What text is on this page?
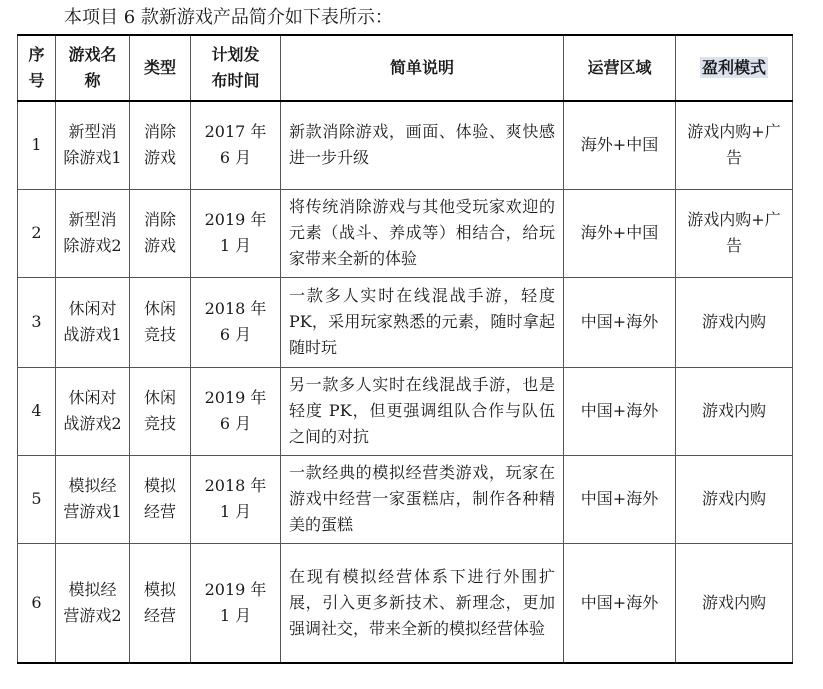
本项目 6 款新游戏产品简介如下表所示：
序号	游戏名称	类型	计划发布时间	简单说明	运营区域	盈利模式
1	新型消除游戏1	消除游戏	2017 年 6 月	新款消除游戏，画面、体验、爽快感进一步升级	海外+中国	游戏内购+广告
2	新型消除游戏2	消除游戏	2019 年 1 月	将传统消除游戏与其他受玩家欢迎的元素（战斗、养成等）相结合，给玩家带来全新的体验	海外+中国	游戏内购+广告
3	休闲对战游戏1	休闲竞技	2018 年 6 月	一款多人实时在线混战手游，轻度 PK，采用玩家熟悉的元素，随时拿起随时玩	中国+海外	游戏内购
4	休闲对战游戏2	休闲竞技	2019 年 6 月	另一款多人实时在线混战手游，也是轻度 PK，但更强调组队合作与队伍之间的对抗	中国+海外	游戏内购
5	模拟经营游戏1	模拟经营	2018 年 1 月	一款经典的模拟经营类游戏，玩家在游戏中经营一家蛋糕店，制作各种精美的蛋糕	中国+海外	游戏内购
6	模拟经营游戏2	模拟经营	2019 年 1 月	在现有模拟经营体系下进行外围扩展，引入更多新技术、新理念，更加强调社交，带来全新的模拟经营体验	中国+海外	游戏内购
